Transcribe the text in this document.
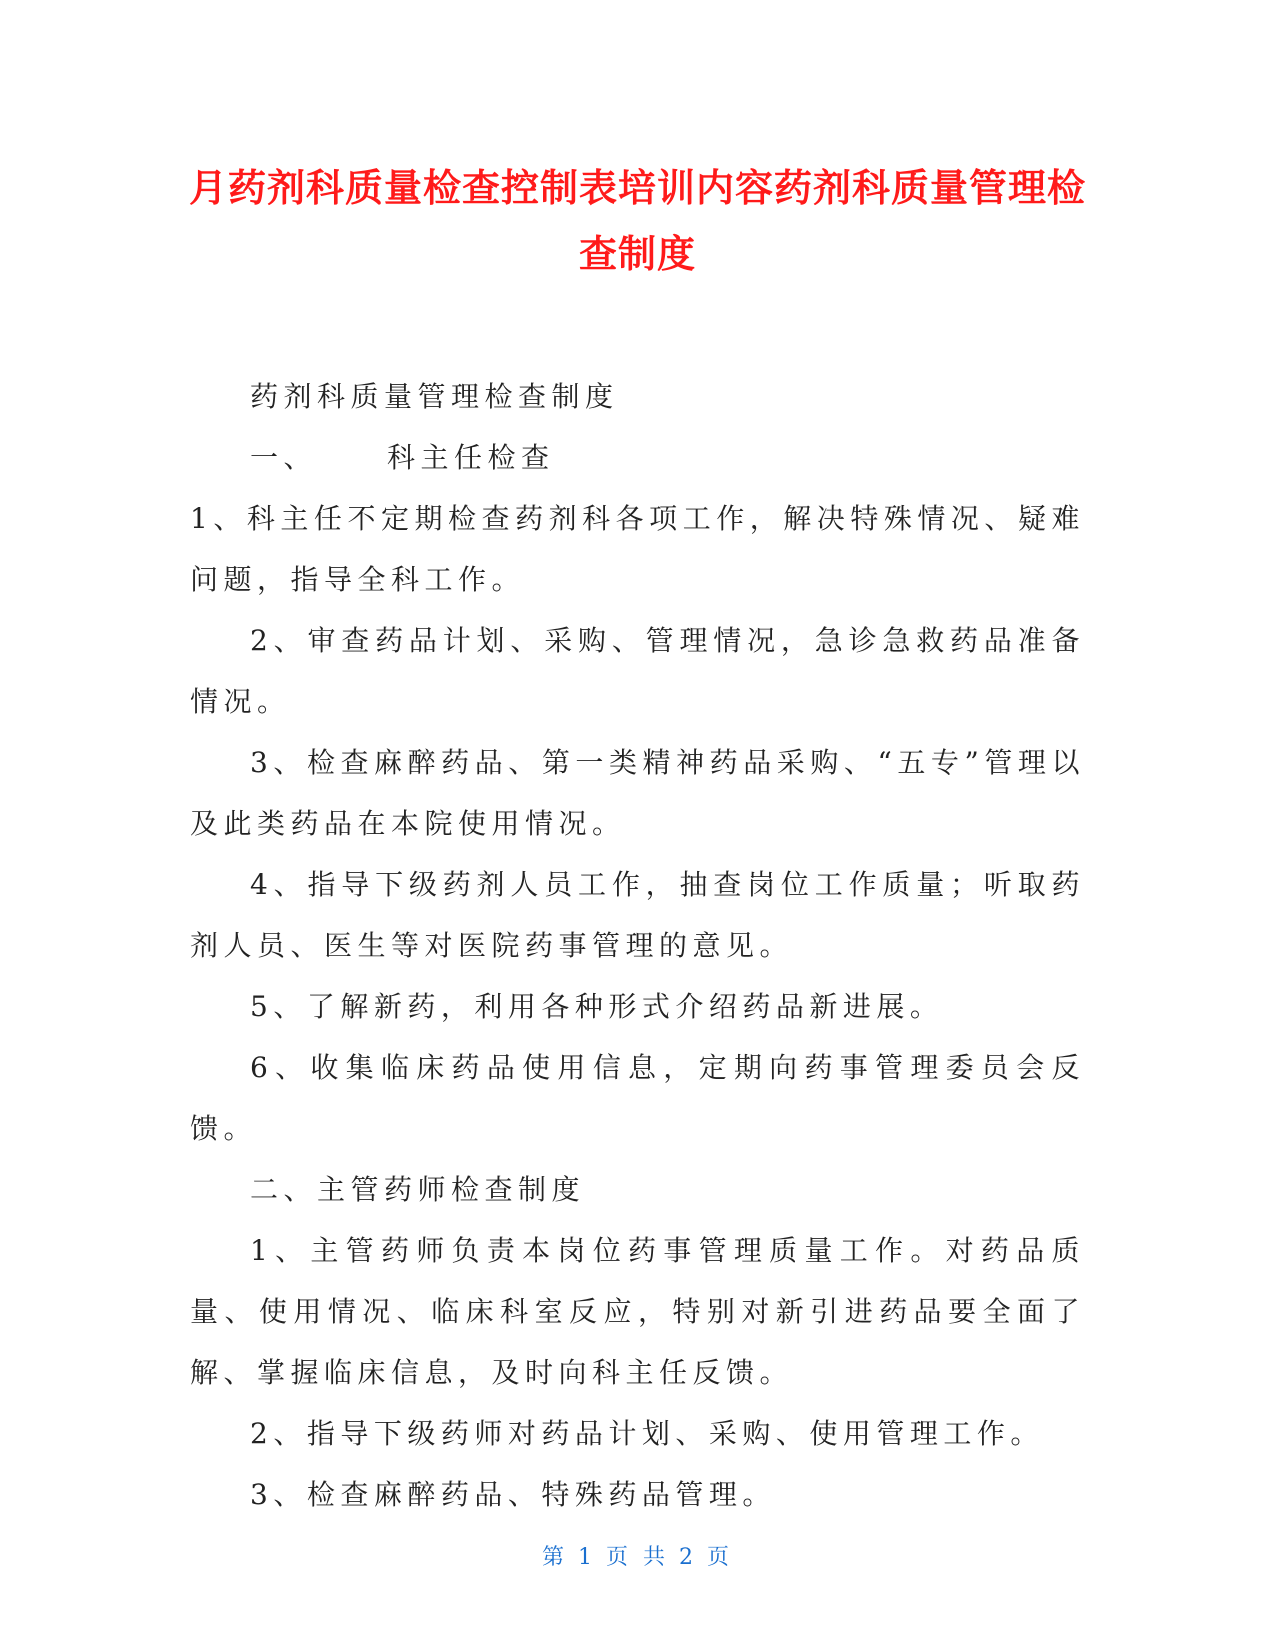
月药剂科质量检查控制表培训内容药剂科质量管理检查制度

药剂科质量管理检查制度

一、	科主任检查

1、科主任不定期检查药剂科各项工作，解决特殊情况、疑难问题，指导全科工作。

2、审查药品计划、采购、管理情况，急诊急救药品准备情况。

3、检查麻醉药品、第一类精神药品采购、“五专”管理以及此类药品在本院使用情况。

4、指导下级药剂人员工作，抽查岗位工作质量；听取药剂人员、医生等对医院药事管理的意见。

5、了解新药，利用各种形式介绍药品新进展。

6、收集临床药品使用信息，定期向药事管理委员会反馈。

二、主管药师检查制度

1、主管药师负责本岗位药事管理质量工作。对药品质量、使用情况、临床科室反应，特别对新引进药品要全面了解、掌握临床信息，及时向科主任反馈。

2、指导下级药师对药品计划、采购、使用管理工作。

3、检查麻醉药品、特殊药品管理。

第 1 页 共 2 页
